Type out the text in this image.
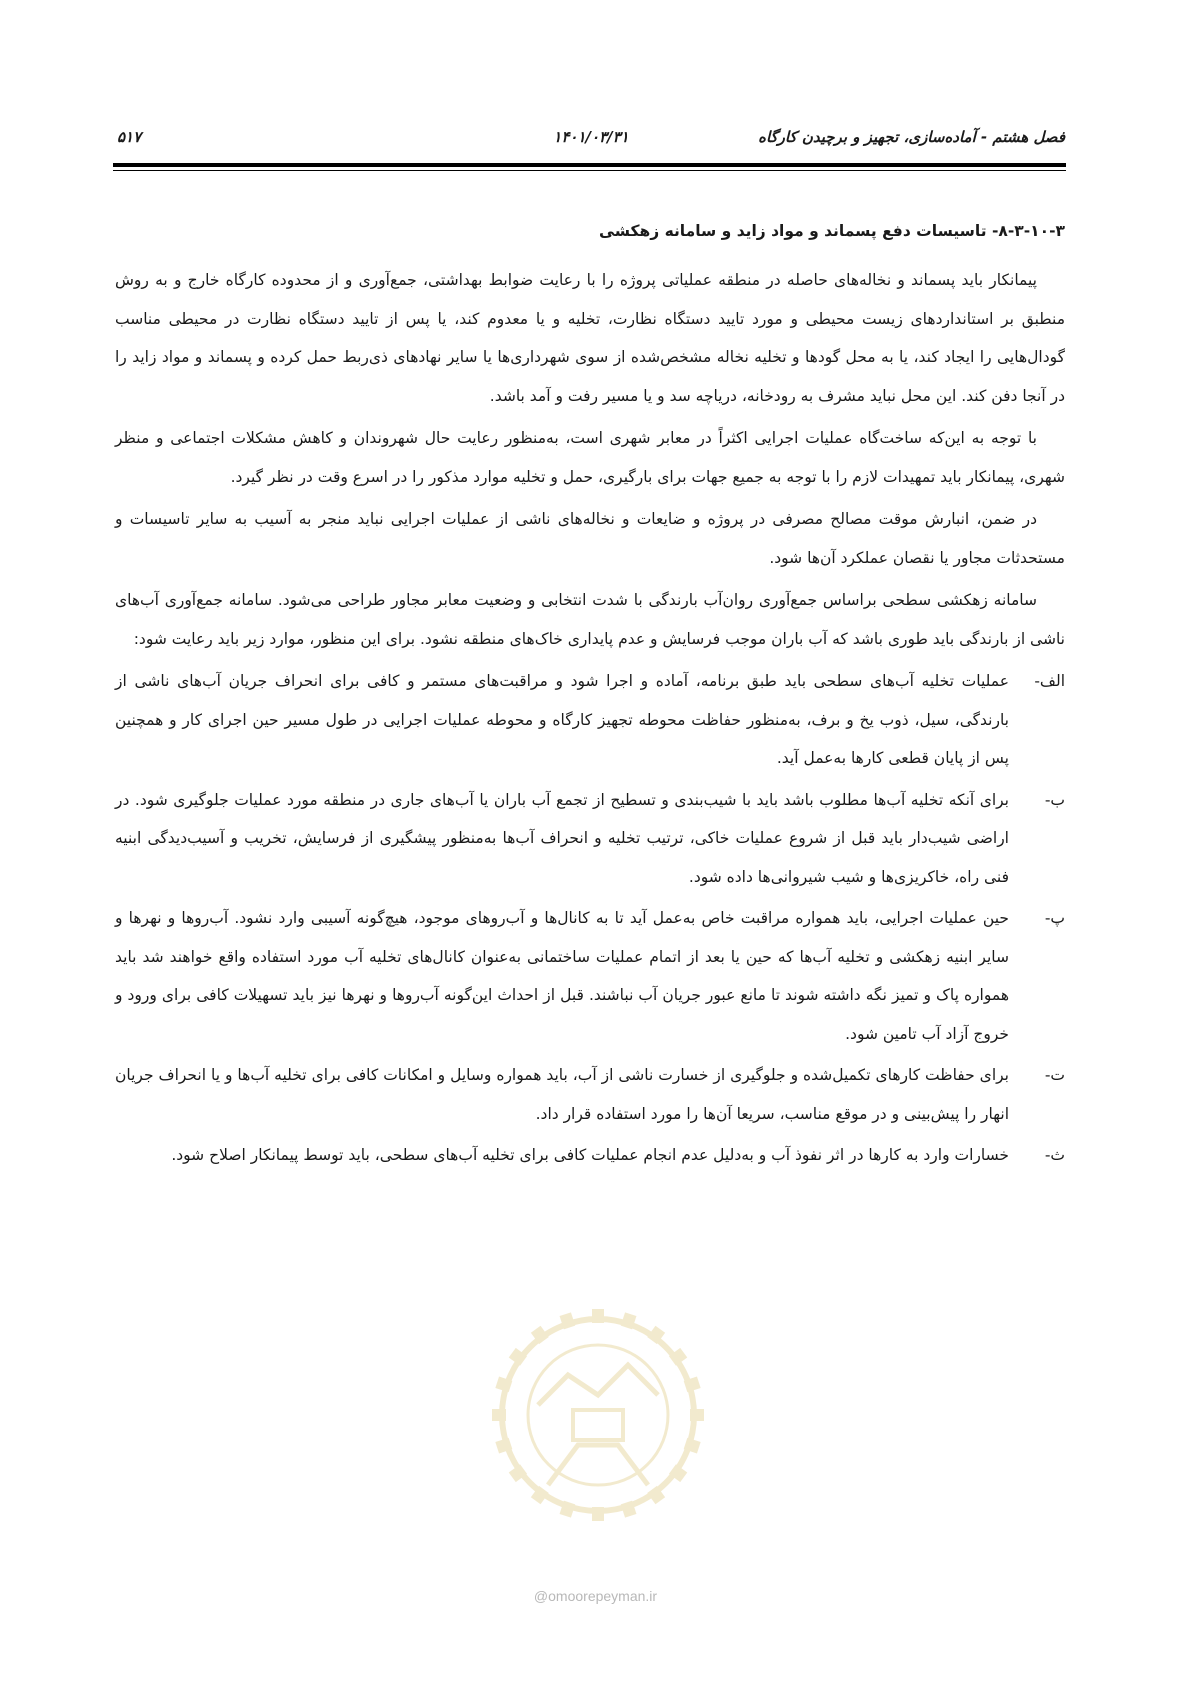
فصل هشتم - آماده‌سازی، تجهیز و برچیدن کارگاه
۱۴۰۱/۰۳/۳۱
۵۱۷
۸-۳-۱۰-۳- تاسیسات دفع پسماند و مواد زاید و سامانه زهکشی

پیمانکار باید پسماند و نخاله‌های حاصله در منطقه عملیاتی پروژه را با رعایت ضوابط بهداشتی، جمع‌آوری و از محدوده کارگاه خارج و به روش منطبق بر استانداردهای زیست محیطی و مورد تایید دستگاه نظارت، تخلیه و یا معدوم کند، یا پس از تایید دستگاه نظارت در محیطی مناسب گودال‌هایی را ایجاد کند، یا به محل گودها و تخلیه نخاله مشخص‌شده از سوی شهرداری‌ها یا سایر نهادهای ذی‌ربط حمل کرده و پسماند و مواد زاید را در آنجا دفن کند. این محل نباید مشرف به رودخانه، دریاچه سد و یا مسیر رفت و آمد باشد.

با توجه به این‌که ساخت‌گاه عملیات اجرایی اکثراً در معابر شهری است، به‌منظور رعایت حال شهروندان و کاهش مشکلات اجتماعی و منظر شهری، پیمانکار باید تمهیدات لازم را با توجه به جمیع جهات برای بارگیری، حمل و تخلیه موارد مذکور را در اسرع وقت در نظر گیرد.

در ضمن، انبارش موقت مصالح مصرفی در پروژه و ضایعات و نخاله‌های ناشی از عملیات اجرایی نباید منجر به آسیب به سایر تاسیسات و مستحدثات مجاور یا نقصان عملکرد آن‌ها شود.

سامانه زهکشی سطحی براساس جمع‌آوری روان‌آب بارندگی با شدت انتخابی و وضعیت معابر مجاور طراحی می‌شود. سامانه جمع‌آوری آب‌های ناشی از بارندگی باید طوری باشد که آب باران موجب فرسایش و عدم پایداری خاک‌های منطقه نشود. برای این منظور، موارد زیر باید رعایت شود:

الف-
عملیات تخلیه آب‌های سطحی باید طبق برنامه، آماده و اجرا شود و مراقبت‌های مستمر و کافی برای انحراف جریان آب‌های ناشی از بارندگی، سیل، ذوب یخ و برف، به‌منظور حفاظت محوطه تجهیز کارگاه و محوطه عملیات اجرایی در طول مسیر حین اجرای کار و همچنین پس از پایان قطعی کارها به‌عمل آید.
ب-
برای آنکه تخلیه آب‌ها مطلوب باشد باید با شیب‌بندی و تسطیح از تجمع آب باران یا آب‌های جاری در منطقه مورد عملیات جلوگیری شود. در اراضی شیب‌دار باید قبل از شروع عملیات خاکی، ترتیب تخلیه و انحراف آب‌ها به‌منظور پیشگیری از فرسایش، تخریب و آسیب‌دیدگی ابنیه فنی راه، خاکریزی‌ها و شیب شیروانی‌ها داده شود.
پ-
حین عملیات اجرایی، باید همواره مراقبت خاص به‌عمل آید تا به کانال‌ها و آب‌روهای موجود، هیچ‌گونه آسیبی وارد نشود. آب‌روها و نهرها و سایر ابنیه زهکشی و تخلیه آب‌ها که حین یا بعد از اتمام عملیات ساختمانی به‌عنوان کانال‌های تخلیه آب مورد استفاده واقع خواهند شد باید همواره پاک و تمیز نگه داشته شوند تا مانع عبور جریان آب نباشند. قبل از احداث این‌گونه آب‌روها و نهرها نیز باید تسهیلات کافی برای ورود و خروج آزاد آب تامین شود.
ت-
برای حفاظت کارهای تکمیل‌شده و جلوگیری از خسارت ناشی از آب، باید همواره وسایل و امکانات کافی برای تخلیه آب‌ها و یا انحراف جریان انهار را پیش‌بینی و در موقع مناسب، سریعا آن‌ها را مورد استفاده قرار داد.
ث-
خسارات وارد به کارها در اثر نفوذ آب و به‌دلیل عدم انجام عملیات کافی برای تخلیه آب‌های سطحی، باید توسط پیمانکار اصلاح شود.
@omoorepeyman.ir
